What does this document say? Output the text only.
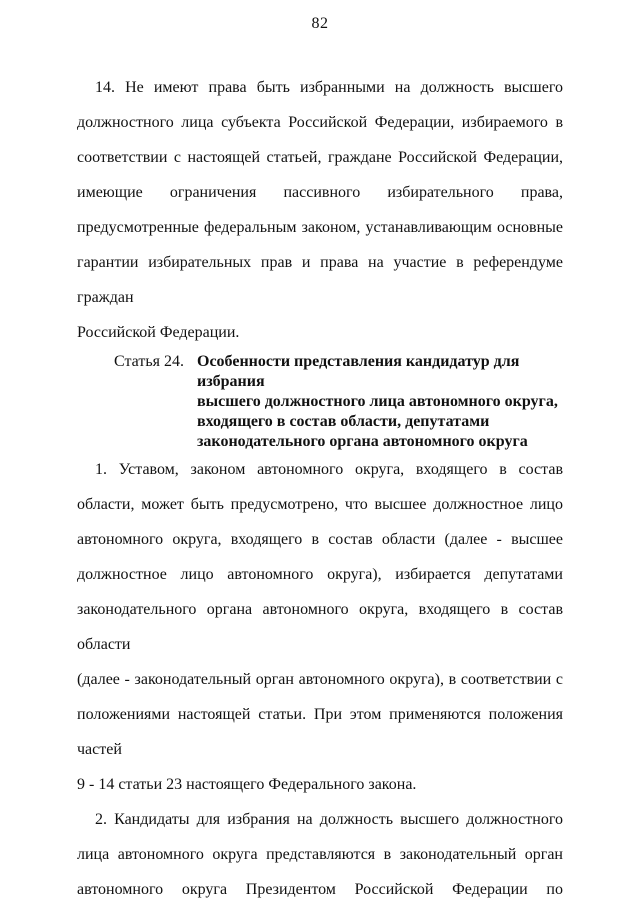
82
14. Не имеют права быть избранными на должность высшего
должностного лица субъекта Российской Федерации, избираемого в
соответствии с настоящей статьей, граждане Российской Федерации,
имеющие ограничения пассивного избирательного права,
предусмотренные федеральным законом, устанавливающим основные
гарантии избирательных прав и права на участие в референдуме граждан
Российской Федерации.
Статья 24. Особенности представления кандидатур для избрания
высшего должностного лица автономного округа,
входящего в состав области, депутатами
законодательного органа автономного округа
1. Уставом, законом автономного округа, входящего в состав
области, может быть предусмотрено, что высшее должностное лицо
автономного округа, входящего в состав области (далее - высшее
должностное лицо автономного округа), избирается депутатами
законодательного органа автономного округа, входящего в состав области
(далее - законодательный орган автономного округа), в соответствии с
положениями настоящей статьи. При этом применяются положения частей
9 - 14 статьи 23 настоящего Федерального закона.
2. Кандидаты для избрания на должность высшего должностного
лица автономного округа представляются в законодательный орган
автономного округа Президентом Российской Федерации по
